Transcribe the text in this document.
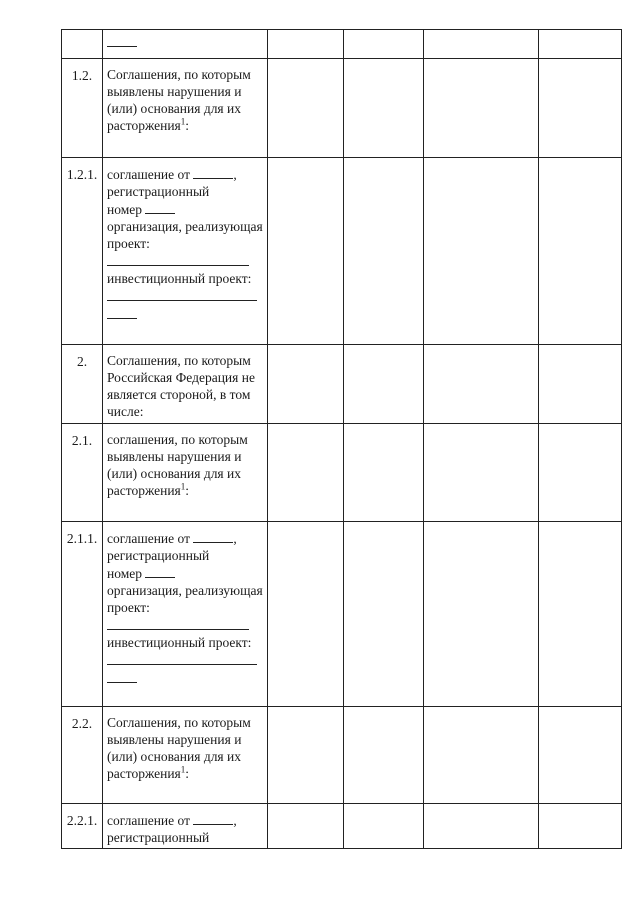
1.2.	Соглашения, по которым выявлены нарушения и (или) основания для их расторжения$^1$:				
1.2.1.	соглашение от ,
регистрационный
номер
организация, реализующая проект:
инвестиционный проект:				

2.	Соглашения, по которым Российская Федерация не является стороной, в том числе:				
2.1.	соглашения, по которым выявлены нарушения и (или) основания для их расторжения$^1$:				
2.1.1.	соглашение от ,
регистрационный
номер
организация, реализующая проект:
инвестиционный проект:				

2.2.	Соглашения, по которым выявлены нарушения и (или) основания для их расторжения$^1$:				
2.2.1.	соглашение от ,
регистрационный				
